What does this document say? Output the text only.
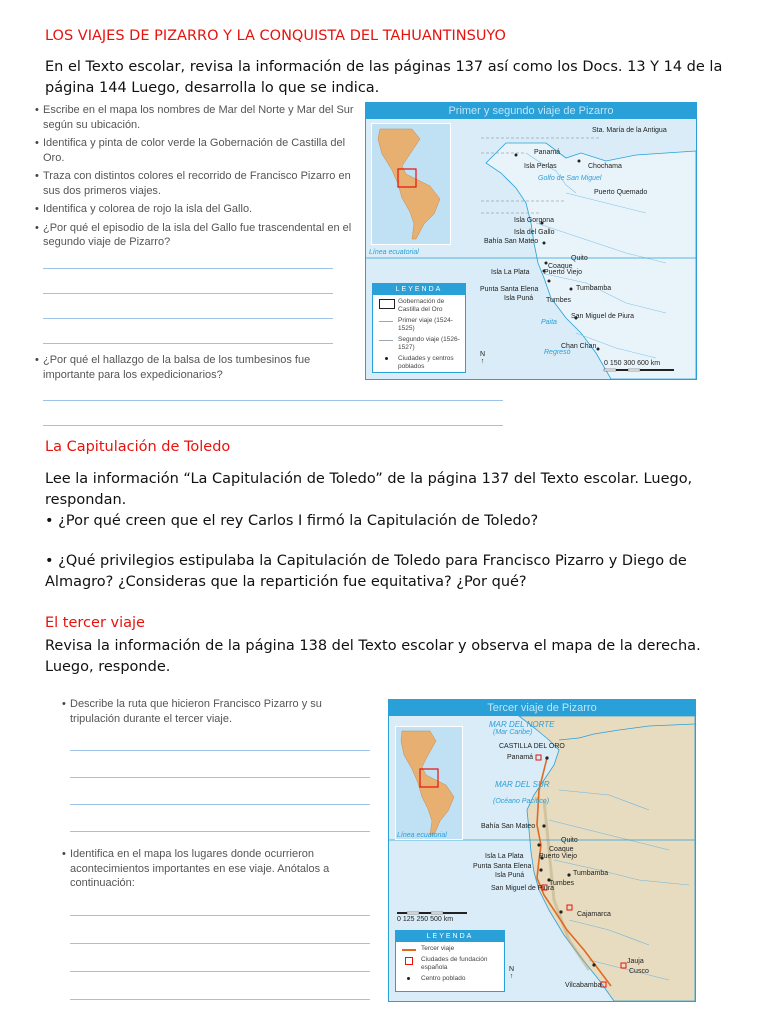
LOS VIAJES DE PIZARRO Y LA CONQUISTA DEL TAHUANTINSUYO
En el Texto escolar, revisa la información de las páginas 137 así como los Docs. 13 Y 14 de la página 144 Luego, desarrolla lo que se indica.
• Escribe en el mapa los nombres de Mar del Norte y Mar del Sur según su ubicación.
• Identifica y pinta de color verde la Gobernación de Castilla del Oro.
• Traza con distintos colores el recorrido de Francisco Pizarro en sus dos primeros viajes.
• Identifica y colorea de rojo la isla del Gallo.
• ¿Por qué el episodio de la isla del Gallo fue trascendental en el segundo viaje de Pizarro?
• ¿Por qué el hallazgo de la balsa de los tumbesinos fue importante para los expedicionarios?
Primer y segundo viaje de Pizarro
Panamá
Sta. María de la Antigua
Chochama
Isla Perlas
Golfo de San Miguel
Puerto Quemado
Isla Gorgona
Isla del Gallo
Bahía San Mateo
Línea ecuatorial
Quito
Coaque
Isla La Plata Puerto Viejo
Punta Santa Elena
Isla Puná Tumbes
Tumbamba
San Miguel de Piura
Paita
Chan Chan
Regresó
LEYENDA
Gobernación de Castilla del Oro
Primer viaje (1524-1525)
Segundo viaje (1526-1527)
Ciudades y centros poblados
N
↑	0 150 300 600 km
La Capitulación de Toledo
Lee la información “La Capitulación de Toledo” de la página 137 del Texto escolar. Luego, respondan.
• ¿Por qué creen que el rey Carlos I firmó la Capitulación de Toledo?
• ¿Qué privilegios estipulaba la Capitulación de Toledo para Francisco Pizarro y Diego de Almagro? ¿Consideras que la repartición fue equitativa? ¿Por qué?
El tercer viaje
Revisa la información de la página 138 del Texto escolar y observa el mapa de la derecha. Luego, responde.
• Describe la ruta que hicieron Francisco Pizarro y su tripulación durante el tercer viaje.
• Identifica en el mapa los lugares donde ocurrieron acontecimientos importantes en ese viaje. Anótalos a continuación:
Tercer viaje de Pizarro
MAR DEL NORTE
(Mar Caribe)
CASTILLA DEL ORO
Panamá
MAR DEL SUR
(Océano Pacífico)
Bahía San Mateo
Línea ecuatorial
Quito
Coaque
Isla La Plata Puerto Viejo
Punta Santa Elena
Isla Puná	Tumbamba
Tumbes
San Miguel de Piura
Cajamarca
Jauja
Cusco
Vilcabamba
0 125 250 500 km
LEYENDA
Tercer viaje
Ciudades de fundación española
Centro poblado
N
↑
